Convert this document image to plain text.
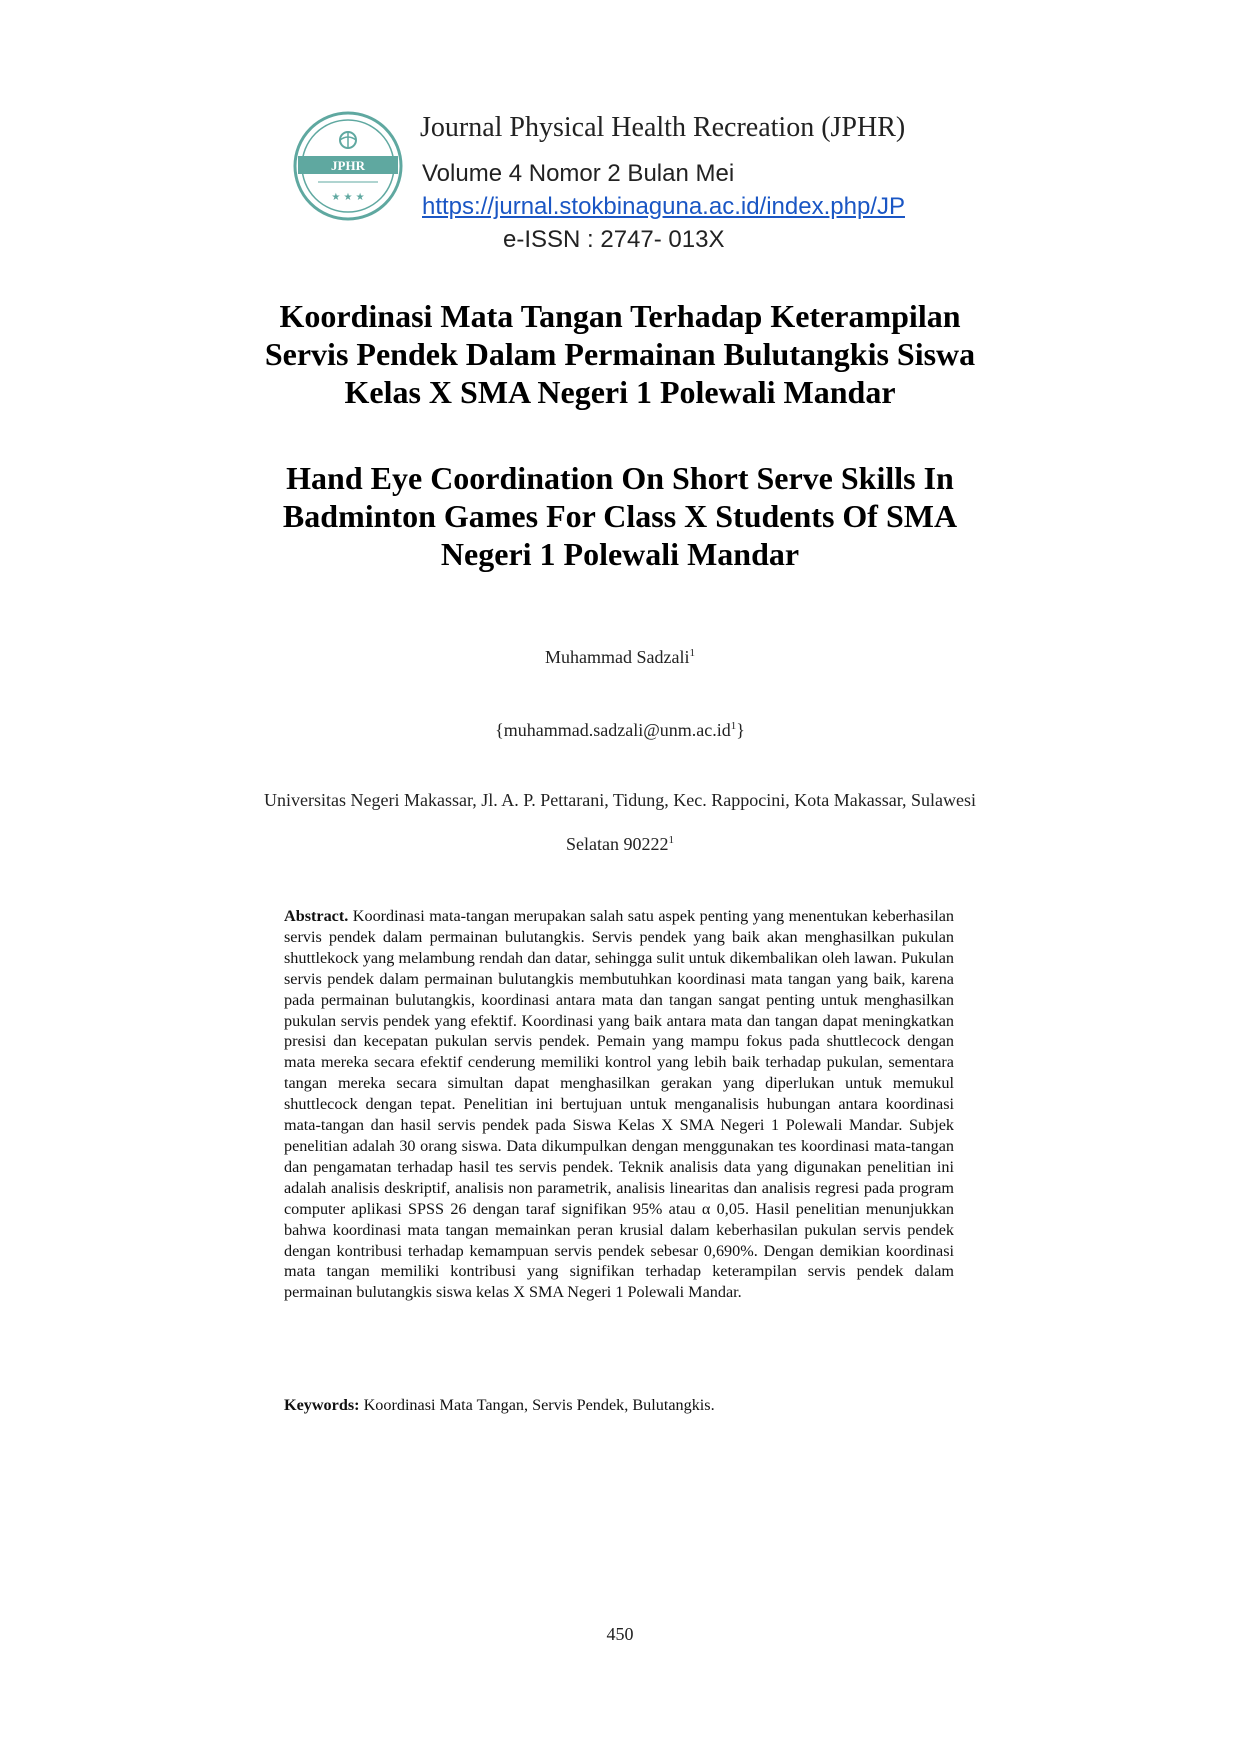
JPHR
★ ★ ★
Journal Physical Health Recreation (JPHR)
Volume 4 Nomor 2 Bulan Mei
https://jurnal.stokbinaguna.ac.id/index.php/JP
e-ISSN : 2747- 013X
Koordinasi Mata Tangan Terhadap Keterampilan
Servis Pendek Dalam Permainan Bulutangkis Siswa
Kelas X SMA Negeri 1 Polewali Mandar
Hand Eye Coordination On Short Serve Skills In
Badminton Games For Class X Students Of SMA
Negeri 1 Polewali Mandar
Muhammad Sadzali$^1$
$\{muhammad.sadzali@unm.ac.id^1\}$
Universitas Negeri Makassar, Jl. A. P. Pettarani, Tidung, Kec. Rappocini, Kota Makassar, Sulawesi
Selatan 90222$^1$
Abstract. Koordinasi mata-tangan merupakan salah satu aspek penting yang menentukan keberhasilan servis pendek dalam permainan bulutangkis. Servis pendek yang baik akan menghasilkan pukulan shuttlekock yang melambung rendah dan datar, sehingga sulit untuk dikembalikan oleh lawan. Pukulan servis pendek dalam permainan bulutangkis membutuhkan koordinasi mata tangan yang baik, karena pada permainan bulutangkis, koordinasi antara mata dan tangan sangat penting untuk menghasilkan pukulan servis pendek yang efektif. Koordinasi yang baik antara mata dan tangan dapat meningkatkan presisi dan kecepatan pukulan servis pendek. Pemain yang mampu fokus pada shuttlecock dengan mata mereka secara efektif cenderung memiliki kontrol yang lebih baik terhadap pukulan, sementara tangan mereka secara simultan dapat menghasilkan gerakan yang diperlukan untuk memukul shuttlecock dengan tepat. Penelitian ini bertujuan untuk menganalisis hubungan antara koordinasi mata-tangan dan hasil servis pendek pada Siswa Kelas X SMA Negeri 1 Polewali Mandar. Subjek penelitian adalah 30 orang siswa. Data dikumpulkan dengan menggunakan tes koordinasi mata-tangan dan pengamatan terhadap hasil tes servis pendek. Teknik analisis data yang digunakan penelitian ini adalah analisis deskriptif, analisis non parametrik, analisis linearitas dan analisis regresi pada program computer aplikasi SPSS 26 dengan taraf signifikan 95% atau α 0,05. Hasil penelitian menunjukkan bahwa koordinasi mata tangan memainkan peran krusial dalam keberhasilan pukulan servis pendek dengan kontribusi terhadap kemampuan servis pendek sebesar 0,690%. Dengan demikian koordinasi mata tangan memiliki kontribusi yang signifikan terhadap keterampilan servis pendek dalam permainan bulutangkis siswa kelas X SMA Negeri 1 Polewali Mandar.
Keywords: Koordinasi Mata Tangan, Servis Pendek, Bulutangkis.
450
